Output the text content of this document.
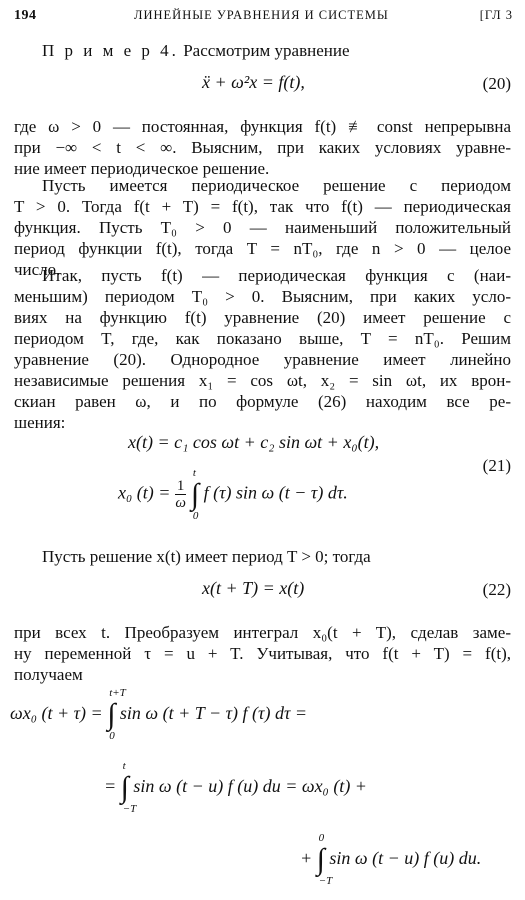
194	ЛИНЕЙНЫЕ УРАВНЕНИЯ И СИСТЕМЫ	[ГЛ 3
П р и м е р 4. Рассмотрим уравнение
ẍ + ω²x = f(t),	(20)
где ω > 0 — постоянная, функция f(t) ≢ const непрерывна
при −∞ < t < ∞. Выясним, при каких условиях уравне-
ние имеет периодическое решение.
Пусть имеется периодическое решение с периодом
T > 0. Тогда f(t + T) = f(t), так что f(t) — периодическая
функция. Пусть T₀ > 0 — наименьший положительный
период функции f(t), тогда T = nT₀, где n > 0 — целое
число.
Итак, пусть f(t) — периодическая функция с (наи-
меньшим) периодом T₀ > 0. Выясним, при каких усло-
виях на функцию f(t) уравнение (20) имеет решение с
периодом T, где, как показано выше, T = nT₀. Решим
уравнение (20). Однородное уравнение имеет линейно
независимые решения x₁ = cos ωt, x₂ = sin ωt, их врон-
скиан равен ω, и по формуле (26) находим все ре-
шения:
x(t) = c₁ cos ωt + c₂ sin ωt + x₀(t),
(21)
x₀ $(t) = \frac{1}{\omega}$ ∫
t
0
f (τ) sin ω (t − τ) dτ.
Пусть решение x(t) имеет период T > 0; тогда
x(t + T) = x(t)	(22)
при всех t. Преобразуем интеграл x₀(t + T), сделав заме-
ну переменной τ = u + T. Учитывая, что f(t + T) = f(t),
получаем
ωx₀ (t + τ) = ∫
t+T
0
sin ω (t + T − τ) f (τ) dτ =
= ∫
t
−T
sin ω (t − u) f (u) du = ωx₀ (t) +
+ ∫
0
−T
sin ω (t − u) f (u) du.
